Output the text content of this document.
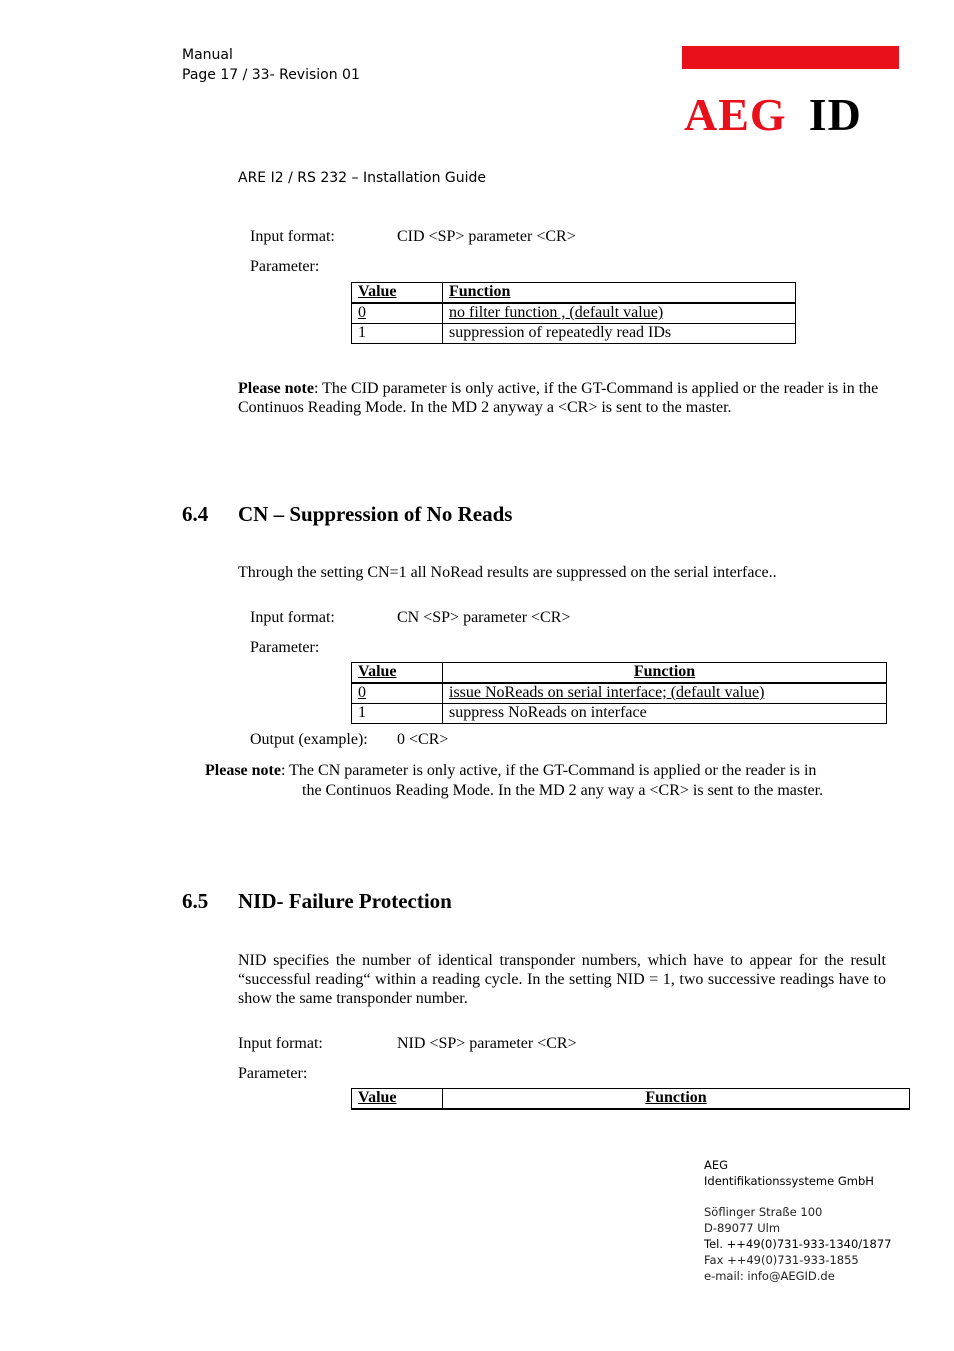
Manual
Page 17 / 33- Revision 01
AEG ID
ARE I2 / RS 232 – Installation Guide
Input format:	CID <SP> parameter <CR>
Parameter:
Value	Function
0	no filter function , (default value)
1	suppression of repeatedly read IDs
Please note: The CID parameter is only active, if the GT-Command is applied or the reader is in the Continuos Reading Mode. In the MD 2 anyway a <CR> is sent to the master.
6.4 CN – Suppression of No Reads
Through the setting CN=1 all NoRead results are suppressed on the serial interface..
Input format:	CN <SP> parameter <CR>
Parameter:
Value	Function
0	issue NoReads on serial interface; (default value)
1	suppress NoReads on interface
Output (example): 0 <CR>
Please note: The CN parameter is only active, if the GT-Command is applied or the reader is in
the Continuos Reading Mode. In the MD 2 any way a <CR> is sent to the master.
6.5 NID- Failure Protection
NID specifies the number of identical transponder numbers, which have to appear for the result “successful reading“ within a reading cycle. In the setting NID = 1, two successive readings have to show the same transponder number.
Input format:	NID <SP> parameter <CR>
Parameter:
Value	Function
AEG
Identifikationssysteme GmbH
Söflinger Straße 100
D-89077 Ulm
Tel. ++49(0)731-933-1340/1877
Fax ++49(0)731-933-1855
e-mail: info@AEGID.de
